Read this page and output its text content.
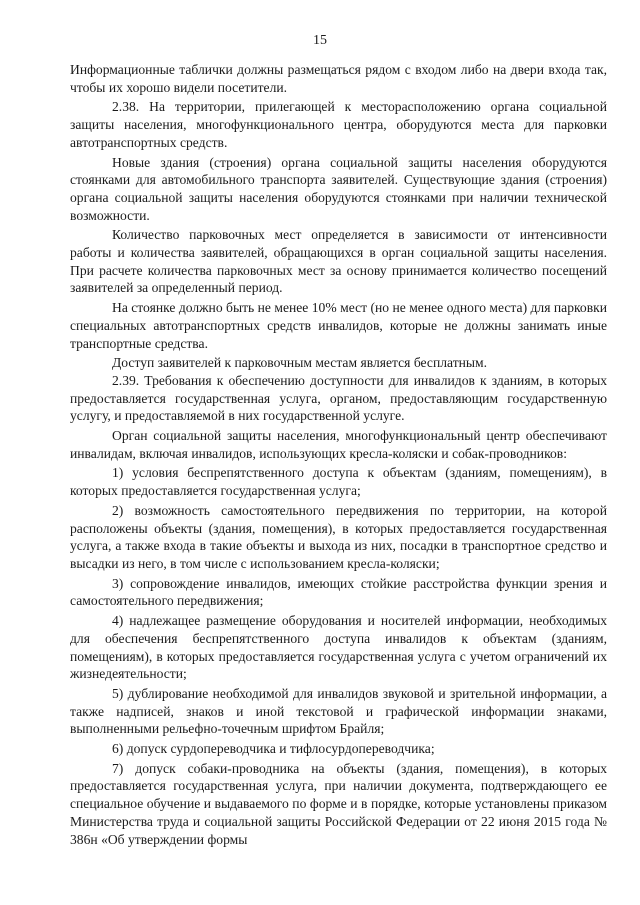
15

Информационные таблички должны размещаться рядом с входом либо на двери входа так, чтобы их хорошо видели посетители.

2.38. На территории, прилегающей к месторасположению органа социальной защиты населения, многофункционального центра, оборудуются места для парковки автотранспортных средств.

Новые здания (строения) органа социальной защиты населения оборудуются стоянками для автомобильного транспорта заявителей. Существующие здания (строения) органа социальной защиты населения оборудуются стоянками при наличии технической возможности.

Количество парковочных мест определяется в зависимости от интенсивности работы и количества заявителей, обращающихся в орган социальной защиты населения. При расчете количества парковочных мест за основу принимается количество посещений заявителей за определенный период.

На стоянке должно быть не менее 10% мест (но не менее одного места) для парковки специальных автотранспортных средств инвалидов, которые не должны занимать иные транспортные средства.

Доступ заявителей к парковочным местам является бесплатным.

2.39. Требования к обеспечению доступности для инвалидов к зданиям, в которых предоставляется государственная услуга, органом, предоставляющим государственную услугу, и предоставляемой в них государственной услуге.

Орган социальной защиты населения, многофункциональный центр обеспечивают инвалидам, включая инвалидов, использующих кресла-коляски и собак-проводников:

1) условия беспрепятственного доступа к объектам (зданиям, помещениям), в которых предоставляется государственная услуга;

2) возможность самостоятельного передвижения по территории, на которой расположены объекты (здания, помещения), в которых предоставляется государственная услуга, а также входа в такие объекты и выхода из них, посадки в транспортное средство и высадки из него, в том числе с использованием кресла-коляски;

3) сопровождение инвалидов, имеющих стойкие расстройства функции зрения и самостоятельного передвижения;

4) надлежащее размещение оборудования и носителей информации, необходимых для обеспечения беспрепятственного доступа инвалидов к объектам (зданиям, помещениям), в которых предоставляется государственная услуга с учетом ограничений их жизнедеятельности;

5) дублирование необходимой для инвалидов звуковой и зрительной информации, а также надписей, знаков и иной текстовой и графической информации знаками, выполненными рельефно-точечным шрифтом Брайля;

6) допуск сурдопереводчика и тифлосурдопереводчика;

7) допуск собаки-проводника на объекты (здания, помещения), в которых предоставляется государственная услуга, при наличии документа, подтверждающего ее специальное обучение и выдаваемого по форме и в порядке, которые установлены приказом Министерства труда и социальной защиты Российской Федерации от 22 июня 2015 года № 386н «Об утверждении формы
